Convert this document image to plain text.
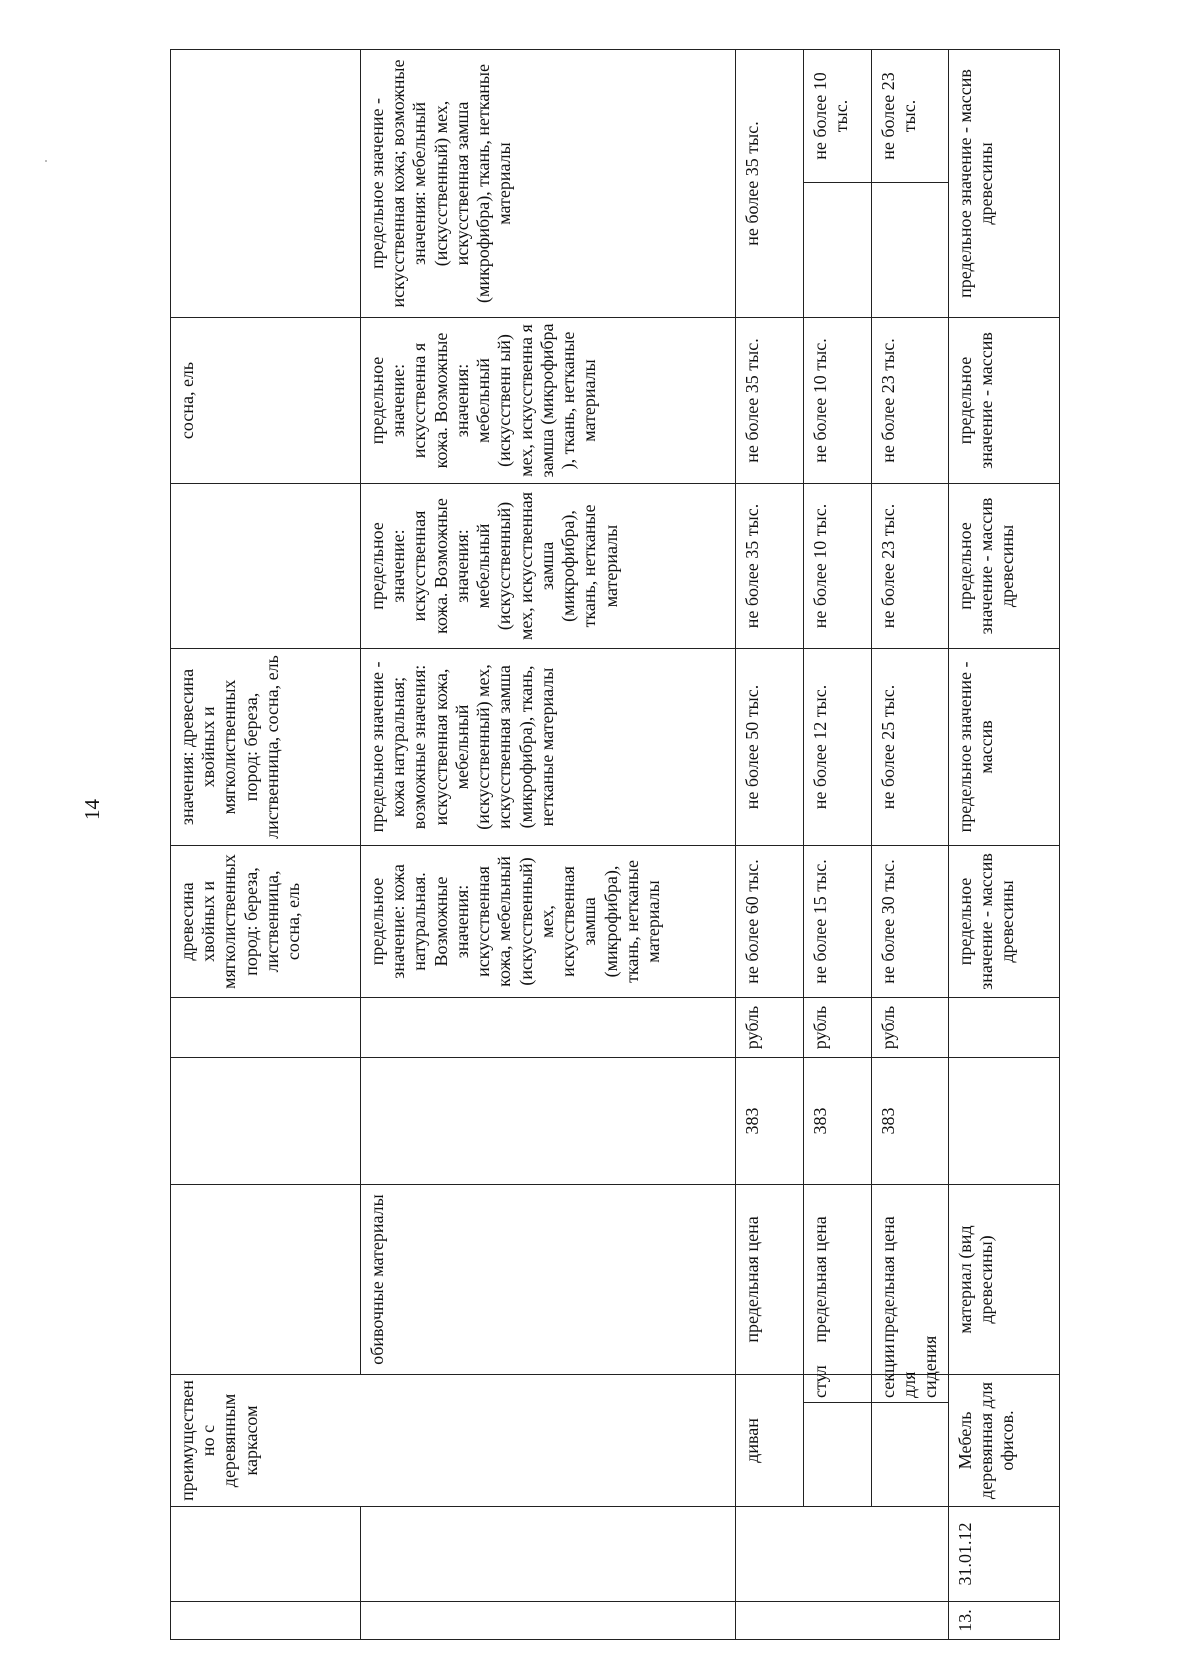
14
		преимуществен но с деревянным каркасом					древесина хвойных и мягколиственных пород: береза, лиственница, сосна, ель	значения: древесина хвойных и мягколиственных пород: береза, лиственница, сосна, ель		сосна, ель		
				обивочные материалы			предельное значение: кожа натуральная. Возможные значения: искусственная кожа, мебельный (искусственный) мех, искусственная замша (микрофибра), ткань, нетканые материалы	предельное значение - кожа натуральная; возможные значения: искусственная кожа, мебельный (искусственный) мех, искусственная замша (микрофибра), ткань, нетканые материалы	предельное значение: искусственная кожа. Возможные значения: мебельный (искусственный) мех, искусственная замша (микрофибра), ткань, нетканые материалы	предельное значение: искусственна я кожа. Возможные значения: мебельный (искусственн ый) мех, искусственна я замша (микрофибра ), ткань, нетканые материалы	предельное значение - искусственная кожа; возможные значения: мебельный (искусственный) мех, искусственная замша (микрофибра), ткань, нетканые материалы	
		диван		предельная цена	383	рубль	не более 60 тыс.	не более 50 тыс.	не более 35 тыс.	не более 35 тыс.	не более 35 тыс.	
			стул	предельная цена	383	рубль	не более 15 тыс.	не более 12 тыс.	не более 10 тыс.	не более 10 тыс.		не более 10 тыс.
			секции для сидения	предельная цена	383	рубль	не более 30 тыс.	не более 25 тыс.	не более 23 тыс.	не более 23 тыс.		не более 23 тыс.
13.	31.01.12	Мебель деревянная для офисов.		материал (вид древесины)			предельное значение - массив древесины	предельное значение - массив	предельное значение - массив древесины	предельное значение - массив	предельное значение - массив древесины	
